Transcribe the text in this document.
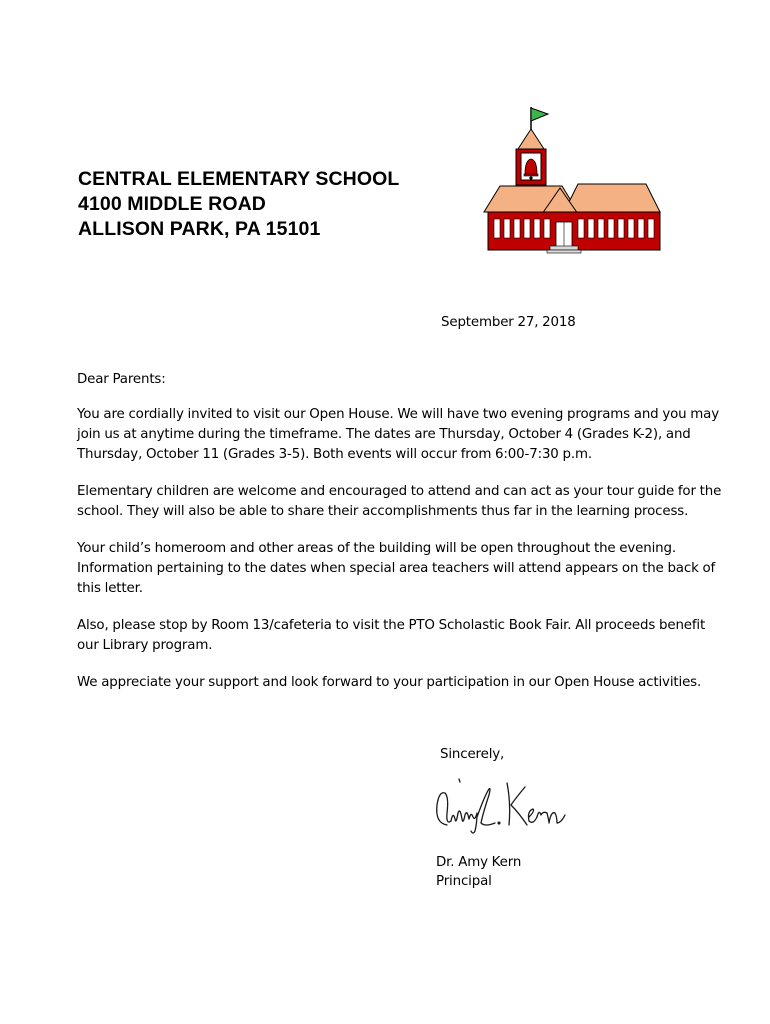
CENTRAL ELEMENTARY SCHOOL
4100 MIDDLE ROAD
ALLISON PARK, PA 15101
September 27, 2018
Dear Parents:

You are cordially invited to visit our Open House. We will have two evening programs and you may join us at anytime during the timeframe. The dates are Thursday, October 4 (Grades K-2), and Thursday, October 11 (Grades 3-5). Both events will occur from 6:00-7:30 p.m.

Elementary children are welcome and encouraged to attend and can act as your tour guide for the school. They will also be able to share their accomplishments thus far in the learning process.

Your child’s homeroom and other areas of the building will be open throughout the evening. Information pertaining to the dates when special area teachers will attend appears on the back of this letter.

Also, please stop by Room 13/cafeteria to visit the PTO Scholastic Book Fair. All proceeds benefit our Library program.

We appreciate your support and look forward to your participation in our Open House activities.

Sincerely,
Dr. Amy Kern
Principal
